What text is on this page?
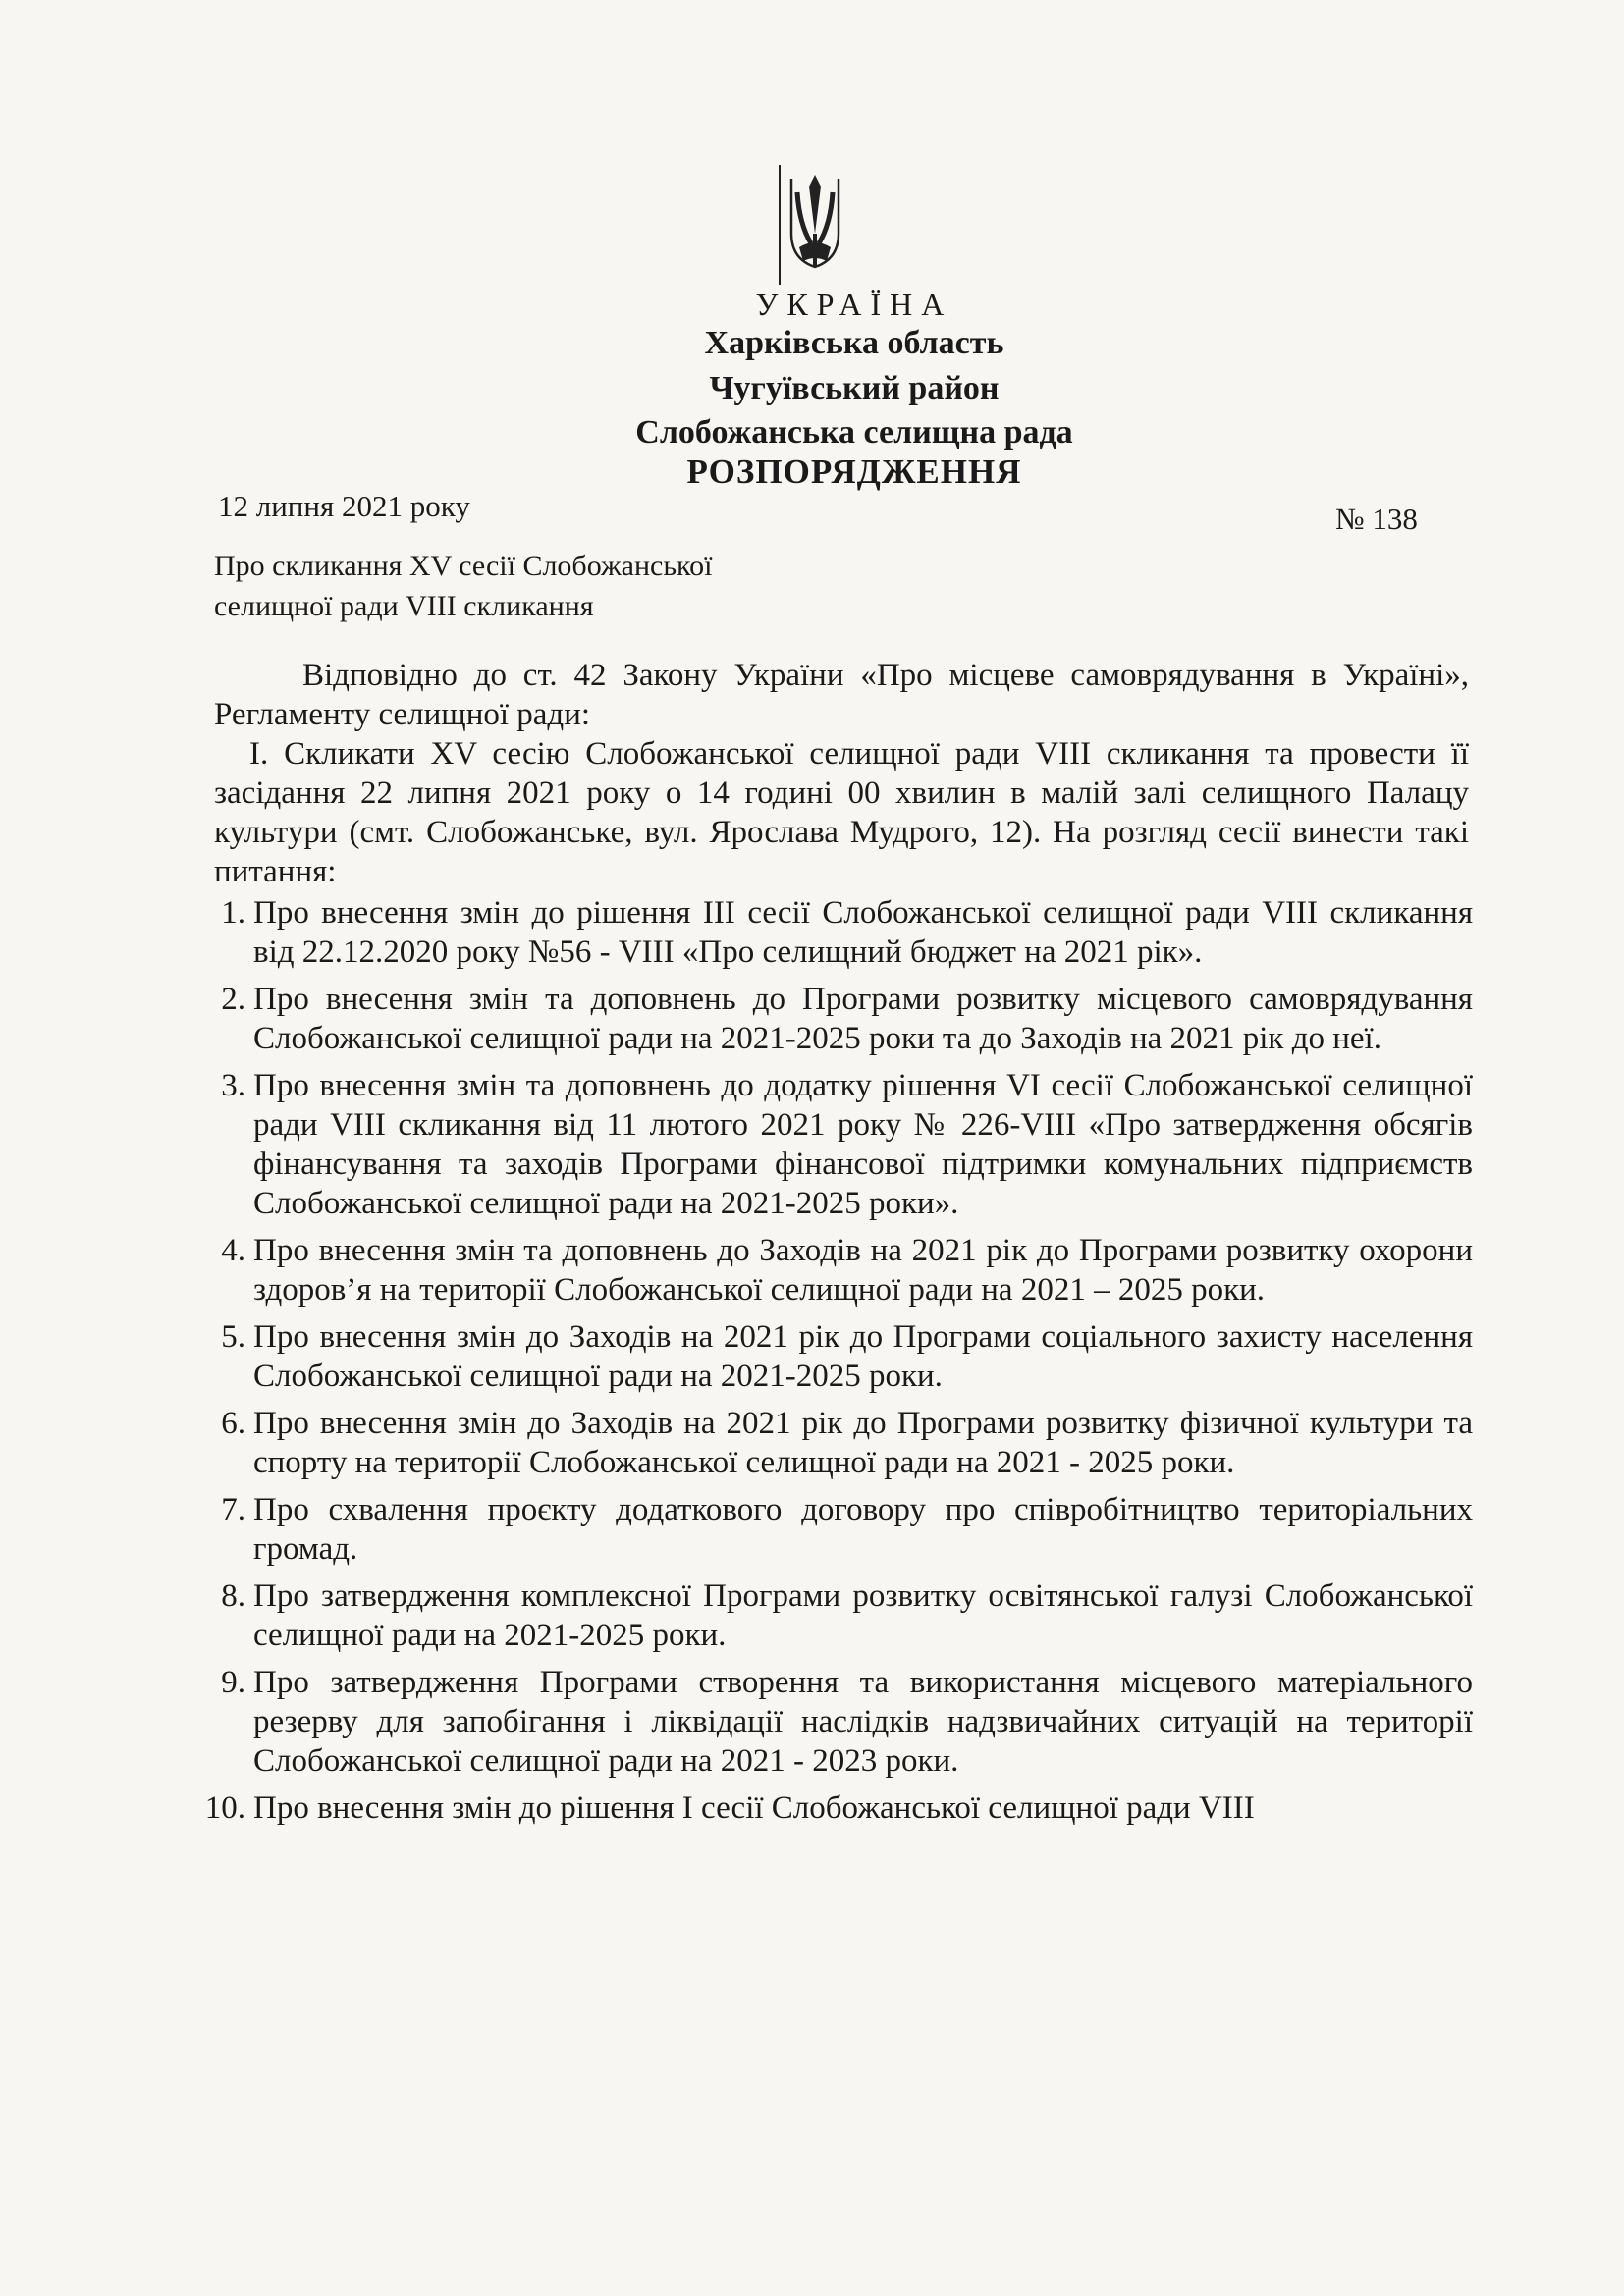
УКРАЇНА
Харківська область
Чугуївський район
Слобожанська селищна рада
РОЗПОРЯДЖЕННЯ
12 липня 2021 року	№ 138
Про скликання XV сесії Слобожанської
селищної ради VIII скликання
Відповідно до ст. 42 Закону України «Про місцеве самоврядування в Україні», Регламенту селищної ради:
І. Скликати XV сесію Слобожанської селищної ради VIII скликання та провести її засідання 22 липня 2021 року о 14 годині 00 хвилин в малій залі селищного Палацу культури (смт. Слобожанське, вул. Ярослава Мудрого, 12). На розгляд сесії винести такі питання:
1. Про внесення змін до рішення ІІІ сесії Слобожанської селищної ради VIII скликання від 22.12.2020 року №56 - VIII «Про селищний бюджет на 2021 рік».
2. Про внесення змін та доповнень до Програми розвитку місцевого самоврядування Слобожанської селищної ради на 2021-2025 роки та до Заходів на 2021 рік до неї.
3. Про внесення змін та доповнень до додатку рішення VI сесії Слобожанської селищної ради VIII скликання від 11 лютого 2021 року № 226-VIII «Про затвердження обсягів фінансування та заходів Програми фінансової підтримки комунальних підприємств Слобожанської селищної ради на 2021-2025 роки».
4. Про внесення змін та доповнень до Заходів на 2021 рік до Програми розвитку охорони здоров’я на території Слобожанської селищної ради на 2021 – 2025 роки.
5. Про внесення змін до Заходів на 2021 рік до Програми соціального захисту населення Слобожанської селищної ради на 2021-2025 роки.
6. Про внесення змін до Заходів на 2021 рік до Програми розвитку фізичної культури та спорту на території Слобожанської селищної ради на 2021 - 2025 роки.
7. Про схвалення проєкту додаткового договору про співробітництво територіальних громад.
8. Про затвердження комплексної Програми розвитку освітянської галузі Слобожанської селищної ради на 2021-2025 роки.
9. Про затвердження Програми створення та використання місцевого матеріального резерву для запобігання і ліквідації наслідків надзвичайних ситуацій на території Слобожанської селищної ради на 2021 - 2023 роки.
10. Про внесення змін до рішення І сесії Слобожанської селищної ради VIII
